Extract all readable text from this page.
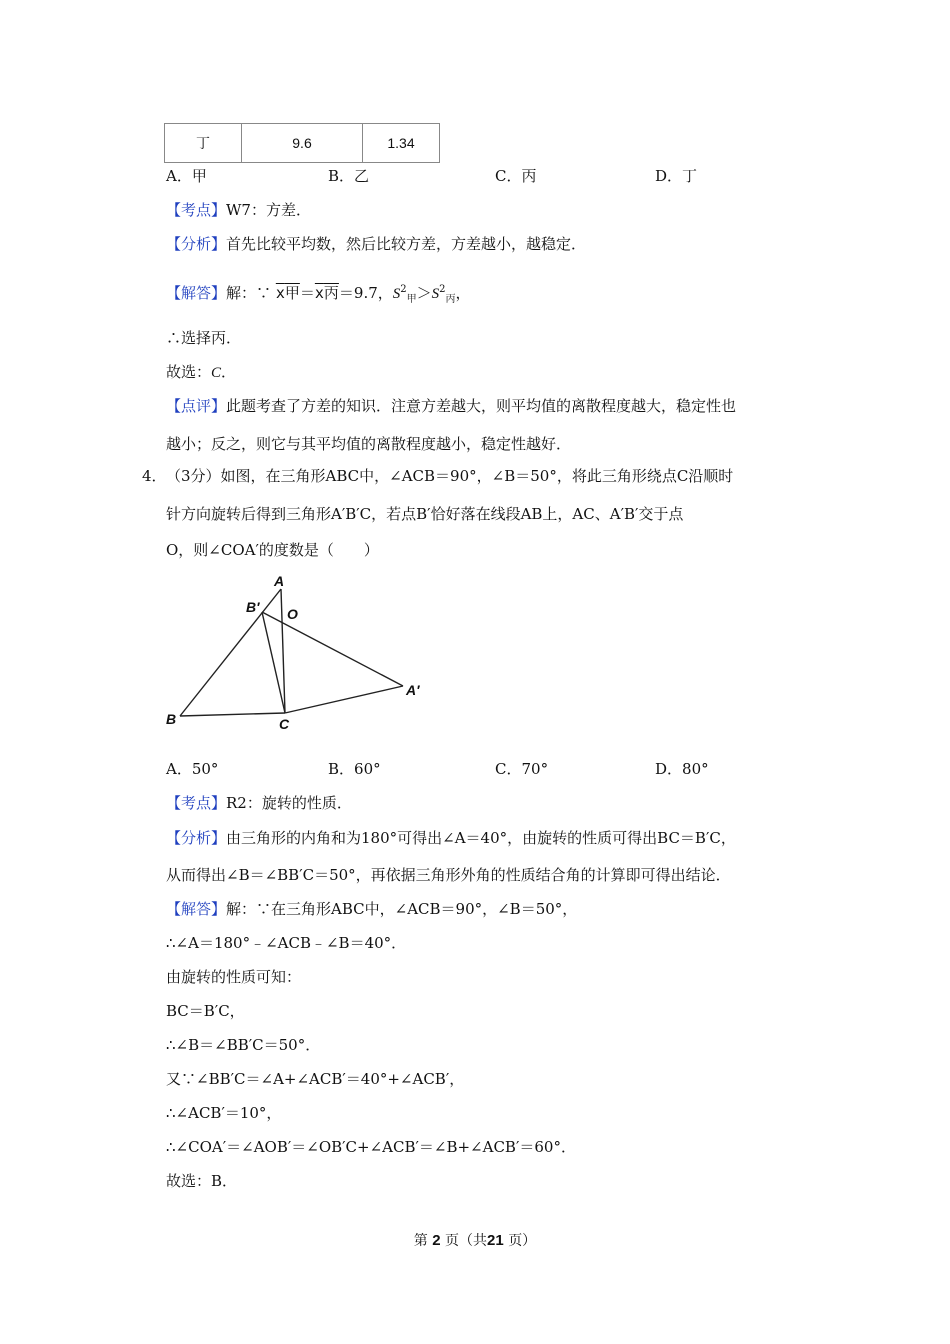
丁	9.6	1.34
A．甲	B．乙	C．丙	D．丁
【考点】W7：方差．
【分析】首先比较平均数，然后比较方差，方差越小，越稳定．
【解答】解：∵ x甲＝x丙＝9.7，$S^2_甲>S^2_丙$，
∴选择丙．
故选：C．
【点评】此题考查了方差的知识．注意方差越大，则平均值的离散程度越大，稳定性也
越小；反之，则它与其平均值的离散程度越小，稳定性越好．
4． （3分）如图，在三角形ABC中，∠ACB＝90°，∠B＝50°，将此三角形绕点C沿顺时
针方向旋转后得到三角形A′B′C，若点B′恰好落在线段AB上，AC、A′B′交于点
O，则∠COA′的度数是（　　）
A
B′ O
A′
B	C
A．50°	B．60°	C．70°	D．80°
【考点】R2：旋转的性质．
【分析】由三角形的内角和为180°可得出∠A＝40°，由旋转的性质可得出BC＝B′C，
从而得出∠B＝∠BB′C＝50°，再依据三角形外角的性质结合角的计算即可得出结论．
【解答】解：∵在三角形ABC中，∠ACB＝90°，∠B＝50°，
∴∠A＝180°﹣∠ACB﹣∠B＝40°．
由旋转的性质可知：
BC＝B′C，
∴∠B＝∠BB′C＝50°．
又∵∠BB′C＝∠A+∠ACB′＝40°+∠ACB′，
∴∠ACB′＝10°，
∴∠COA′＝∠AOB′＝∠OB′C+∠ACB′＝∠B+∠ACB′＝60°．
故选：B．
第 2 页（共21 页）
